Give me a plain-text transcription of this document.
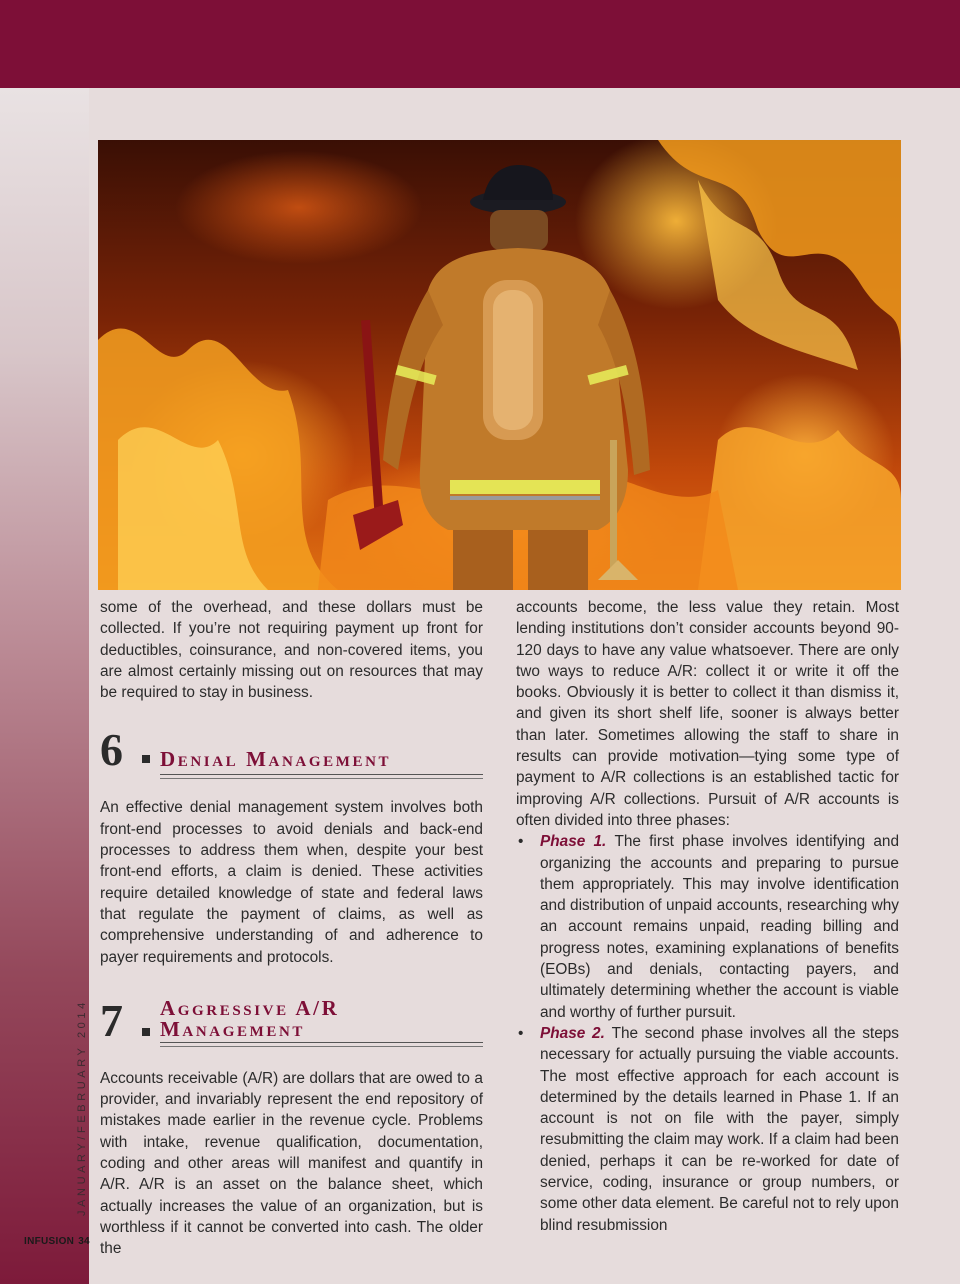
JANUARY/FEBRUARY 2014
INFUSION 34

some of the overhead, and these dollars must be collected. If you’re not requiring payment up front for deductibles, coinsurance, and non-covered items, you are almost certainly missing out on resources that may be required to stay in business.

6 Denial Management

An effective denial management system involves both front-end processes to avoid denials and back-end processes to address them when, despite your best front-end efforts, a claim is denied. These activities require detailed knowledge of state and federal laws that regulate the payment of claims, as well as comprehensive understanding of and adherence to payer requirements and protocols.

7 Aggressive A/R
Management

Accounts receivable (A/R) are dollars that are owed to a provider, and invariably represent the end repository of mistakes made earlier in the revenue cycle. Problems with intake, revenue qualification, documentation, coding and other areas will manifest and quantify in A/R. A/R is an asset on the balance sheet, which actually increases the value of an organization, but is worthless if it cannot be converted into cash. The older the

accounts become, the less value they retain. Most lending institutions don’t consider accounts beyond 90-120 days to have any value whatsoever. There are only two ways to reduce A/R: collect it or write it off the books. Obviously it is better to collect it than dismiss it, and given its short shelf life, sooner is always better than later. Sometimes allowing the staff to share in results can provide motivation—tying some type of payment to A/R collections is an established tactic for improving A/R collections. Pursuit of A/R accounts is often divided into three phases:

• Phase 1. The first phase involves identifying and organizing the accounts and preparing to pursue them appropriately. This may involve identification and distribution of unpaid accounts, researching why an account remains unpaid, reading billing and progress notes, examining explanations of benefits (EOBs) and denials, contacting payers, and ultimately determining whether the account is viable and worthy of further pursuit.
• Phase 2. The second phase involves all the steps necessary for actually pursuing the viable accounts. The most effective approach for each account is determined by the details learned in Phase 1. If an account is not on file with the payer, simply resubmitting the claim may work. If a claim had been denied, perhaps it can be re-worked for date of service, coding, insurance or group numbers, or some other data element. Be careful not to rely upon blind resubmission
